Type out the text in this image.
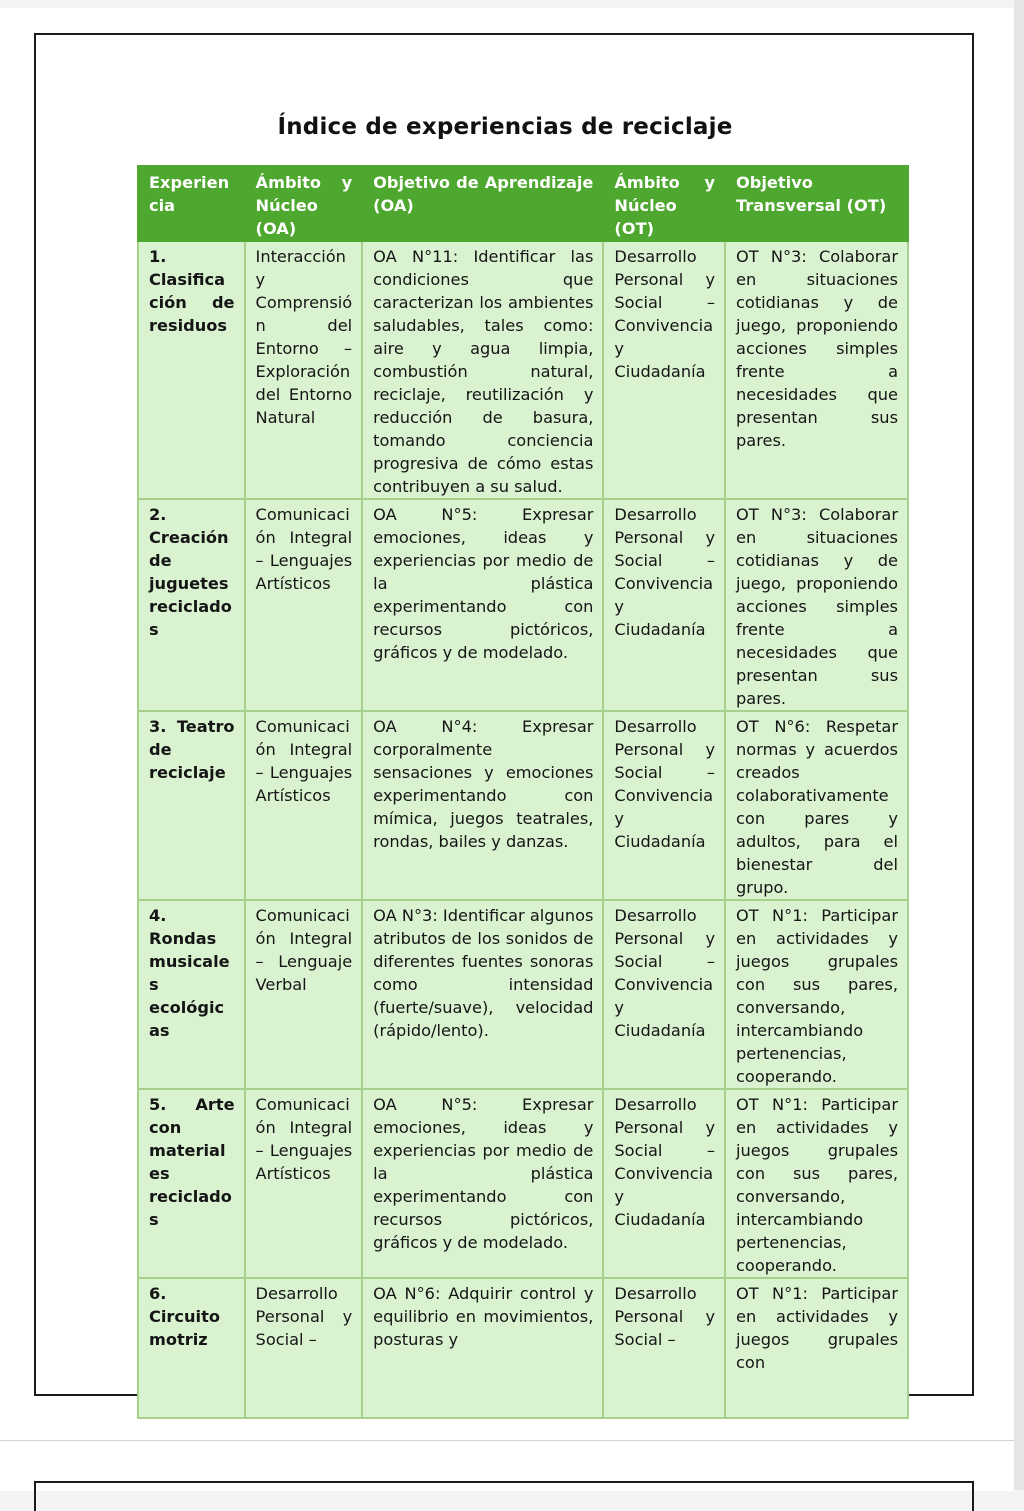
Índice de experiencias de reciclaje
Experiencia	Ámbito y Núcleo (OA)	Objetivo de Aprendizaje (OA)	Ámbito y Núcleo (OT)	Objetivo Transversal (OT)
1. Clasificación de residuos	Interacción y Comprensión del Entorno – Exploración del Entorno Natural	OA N°11: Identificar las condiciones que caracterizan los ambientes saludables, tales como: aire y agua limpia, combustión natural, reciclaje, reutilización y reducción de basura, tomando conciencia progresiva de cómo estas contribuyen a su salud.	Desarrollo Personal y Social – Convivencia y Ciudadanía	OT N°3: Colaborar en situaciones cotidianas y de juego, proponiendo acciones simples frente a necesidades que presentan sus pares.
2. Creación de juguetes reciclados	Comunicación Integral – Lenguajes Artísticos	OA N°5: Expresar emociones, ideas y experiencias por medio de la plástica experimentando con recursos pictóricos, gráficos y de modelado.	Desarrollo Personal y Social – Convivencia y Ciudadanía	OT N°3: Colaborar en situaciones cotidianas y de juego, proponiendo acciones simples frente a necesidades que presentan sus pares.
3. Teatro de reciclaje	Comunicación Integral – Lenguajes Artísticos	OA N°4: Expresar corporalmente sensaciones y emociones experimentando con mímica, juegos teatrales, rondas, bailes y danzas.	Desarrollo Personal y Social – Convivencia y Ciudadanía	OT N°6: Respetar normas y acuerdos creados colaborativamente con pares y adultos, para el bienestar del grupo.
4. Rondas musicales ecológicas	Comunicación Integral – Lenguaje Verbal	OA N°3: Identificar algunos atributos de los sonidos de diferentes fuentes sonoras como intensidad (fuerte/suave), velocidad (rápido/lento).	Desarrollo Personal y Social – Convivencia y Ciudadanía	OT N°1: Participar en actividades y juegos grupales con sus pares, conversando, intercambiando pertenencias, cooperando.
5. Arte con materiales reciclados	Comunicación Integral – Lenguajes Artísticos	OA N°5: Expresar emociones, ideas y experiencias por medio de la plástica experimentando con recursos pictóricos, gráficos y de modelado.	Desarrollo Personal y Social – Convivencia y Ciudadanía	OT N°1: Participar en actividades y juegos grupales con sus pares, conversando, intercambiando pertenencias, cooperando.
6. Circuito motriz	Desarrollo Personal y Social –	OA N°6: Adquirir control y equilibrio en movimientos, posturas y	Desarrollo Personal y Social –	OT N°1: Participar en actividades y juegos grupales con
